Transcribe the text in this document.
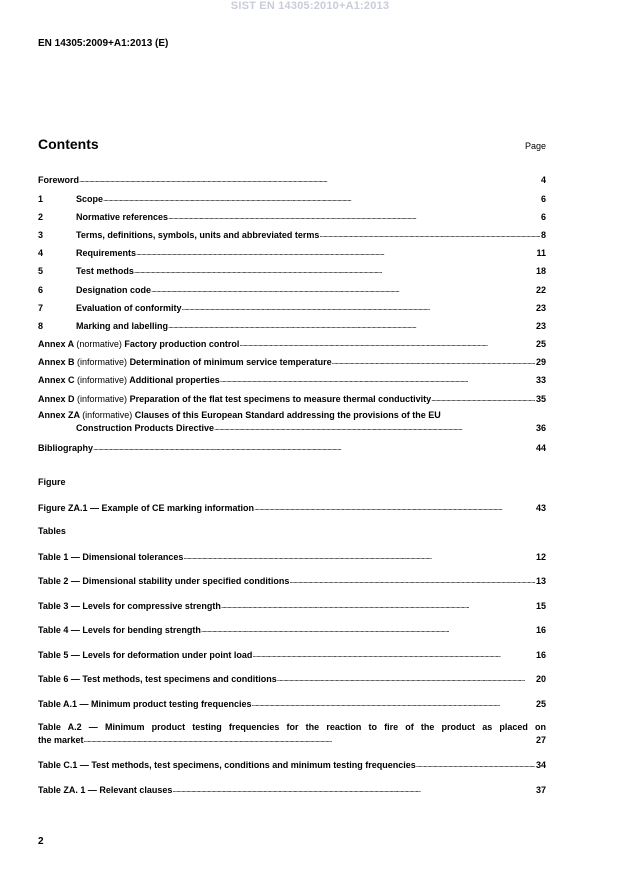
SIST EN 14305:2010+A1:2013
EN 14305:2009+A1:2013 (E)
Contents	Page
Foreword . . .	4
1	Scope . . .	6
2	Normative references . . .	6
3	Terms, definitions, symbols, units and abbreviated terms . . .	8
4	Requirements . . .	11
5	Test methods . . .	18
6	Designation code . . .	22
7	Evaluation of conformity . . .	23
8	Marking and labelling . . .	23
Annex A (normative) Factory production control . . .	25
Annex B (informative) Determination of minimum service temperature . . .	29
Annex C (informative) Additional properties . . .	33
Annex D (informative) Preparation of the flat test specimens to measure thermal conductivity . . .	35
Annex ZA (informative) Clauses of this European Standard addressing the provisions of the EU
Construction Products Directive . . .	36
Bibliography . . .	44
Figure
Figure ZA.1 — Example of CE marking information . . .	43
Tables
Table 1 — Dimensional tolerances . . .	12
Table 2 — Dimensional stability under specified conditions . . .	13
Table 3 — Levels for compressive strength . . .	15
Table 4 — Levels for bending strength . . .	16
Table 5 — Levels for deformation under point load . . .	16
Table 6 — Test methods, test specimens and conditions . . .	20
Table A.1 — Minimum product testing frequencies . . .	25
Table A.2 — Minimum product testing frequencies for the reaction to fire of the product as placed on
the market . . .	27
Table C.1 — Test methods, test specimens, conditions and minimum testing frequencies . . .	34
Table ZA. 1 — Relevant clauses . . .	37
2
